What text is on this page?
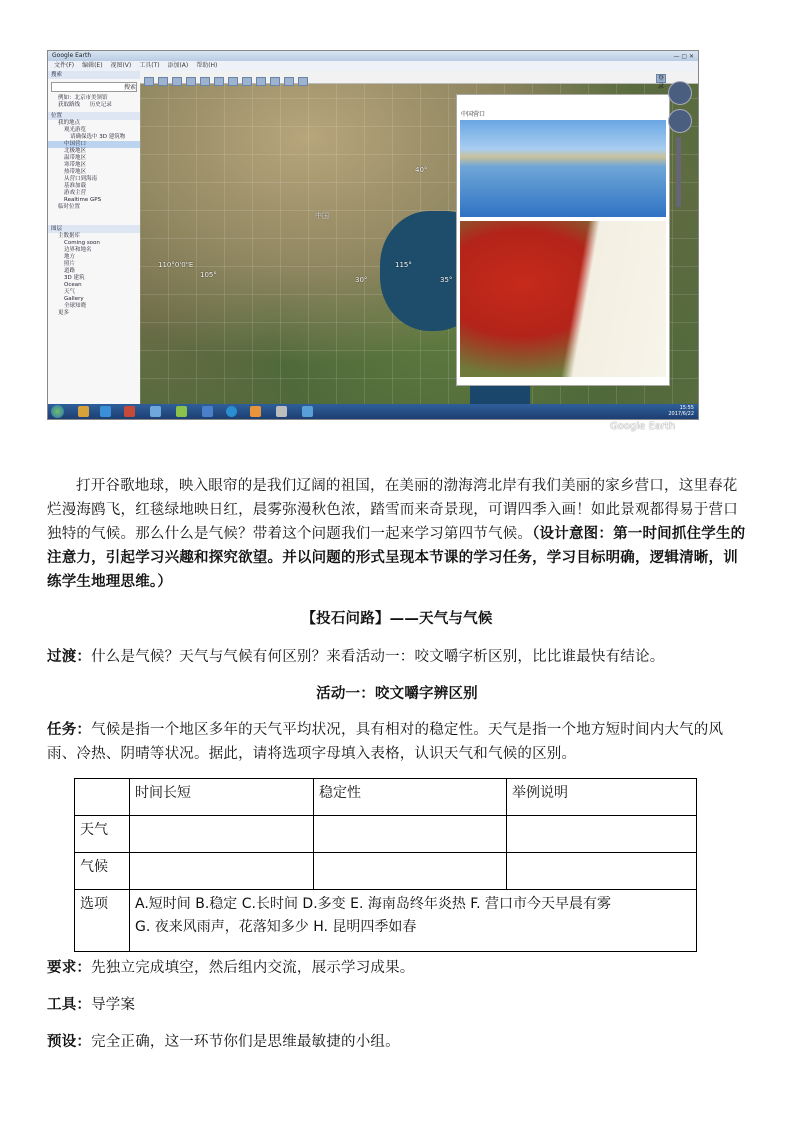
Google Earth	— ▢ ✕
文件(F) 编辑(E) 视图(V) 工具(T) 添加(A) 帮助(H)
搜索
搜索
例如：北京市美领馆
获取路线 历史记录
位置
我的地点
观光游览
请确保选中 3D 建筑物
中国营口
北极地区
温带地区
寒带地区
热带地区
从营口到海南
基准加载
游戏主营
Realtime GPS
临时位置
图层
主数据库
Coming soon
边界和地名
地方
照片
道路
3D 建筑
Ocean
天气
Gallery
全球知晓
更多
110°0'0"E
105°
30°
115°
40°
35°
中国
Google Earth
登录
中国营口
15:55
2017/6/22
打开谷歌地球，映入眼帘的是我们辽阔的祖国，在美丽的渤海湾北岸有我们美丽的家乡营口，这里春花烂漫海鸥飞，红毯绿地映日红，晨雾弥漫秋色浓，踏雪而来奇景现，可谓四季入画！如此景观都得易于营口独特的气候。那么什么是气候？带着这个问题我们一起来学习第四节气候。（设计意图：第一时间抓住学生的注意力，引起学习兴趣和探究欲望。并以问题的形式呈现本节课的学习任务，学习目标明确，逻辑清晰，训练学生地理思维。）
【投石问路】——天气与气候
过渡：什么是气候？天气与气候有何区别？来看活动一：咬文嚼字析区别，比比谁最快有结论。
活动一：咬文嚼字辨区别
任务：气候是指一个地区多年的天气平均状况，具有相对的稳定性。天气是指一个地方短时间内大气的风雨、冷热、阴晴等状况。据此，请将选项字母填入表格，认识天气和气候的区别。
	时间长短	稳定性	举例说明
天气			
气候			
选项	A.短时间 B.稳定 C.长时间 D.多变 E. 海南岛终年炎热 F. 营口市今天早晨有雾
G. 夜来风雨声，花落知多少 H. 昆明四季如春		
要求：先独立完成填空，然后组内交流，展示学习成果。
工具：导学案
预设：完全正确，这一环节你们是思维最敏捷的小组。
